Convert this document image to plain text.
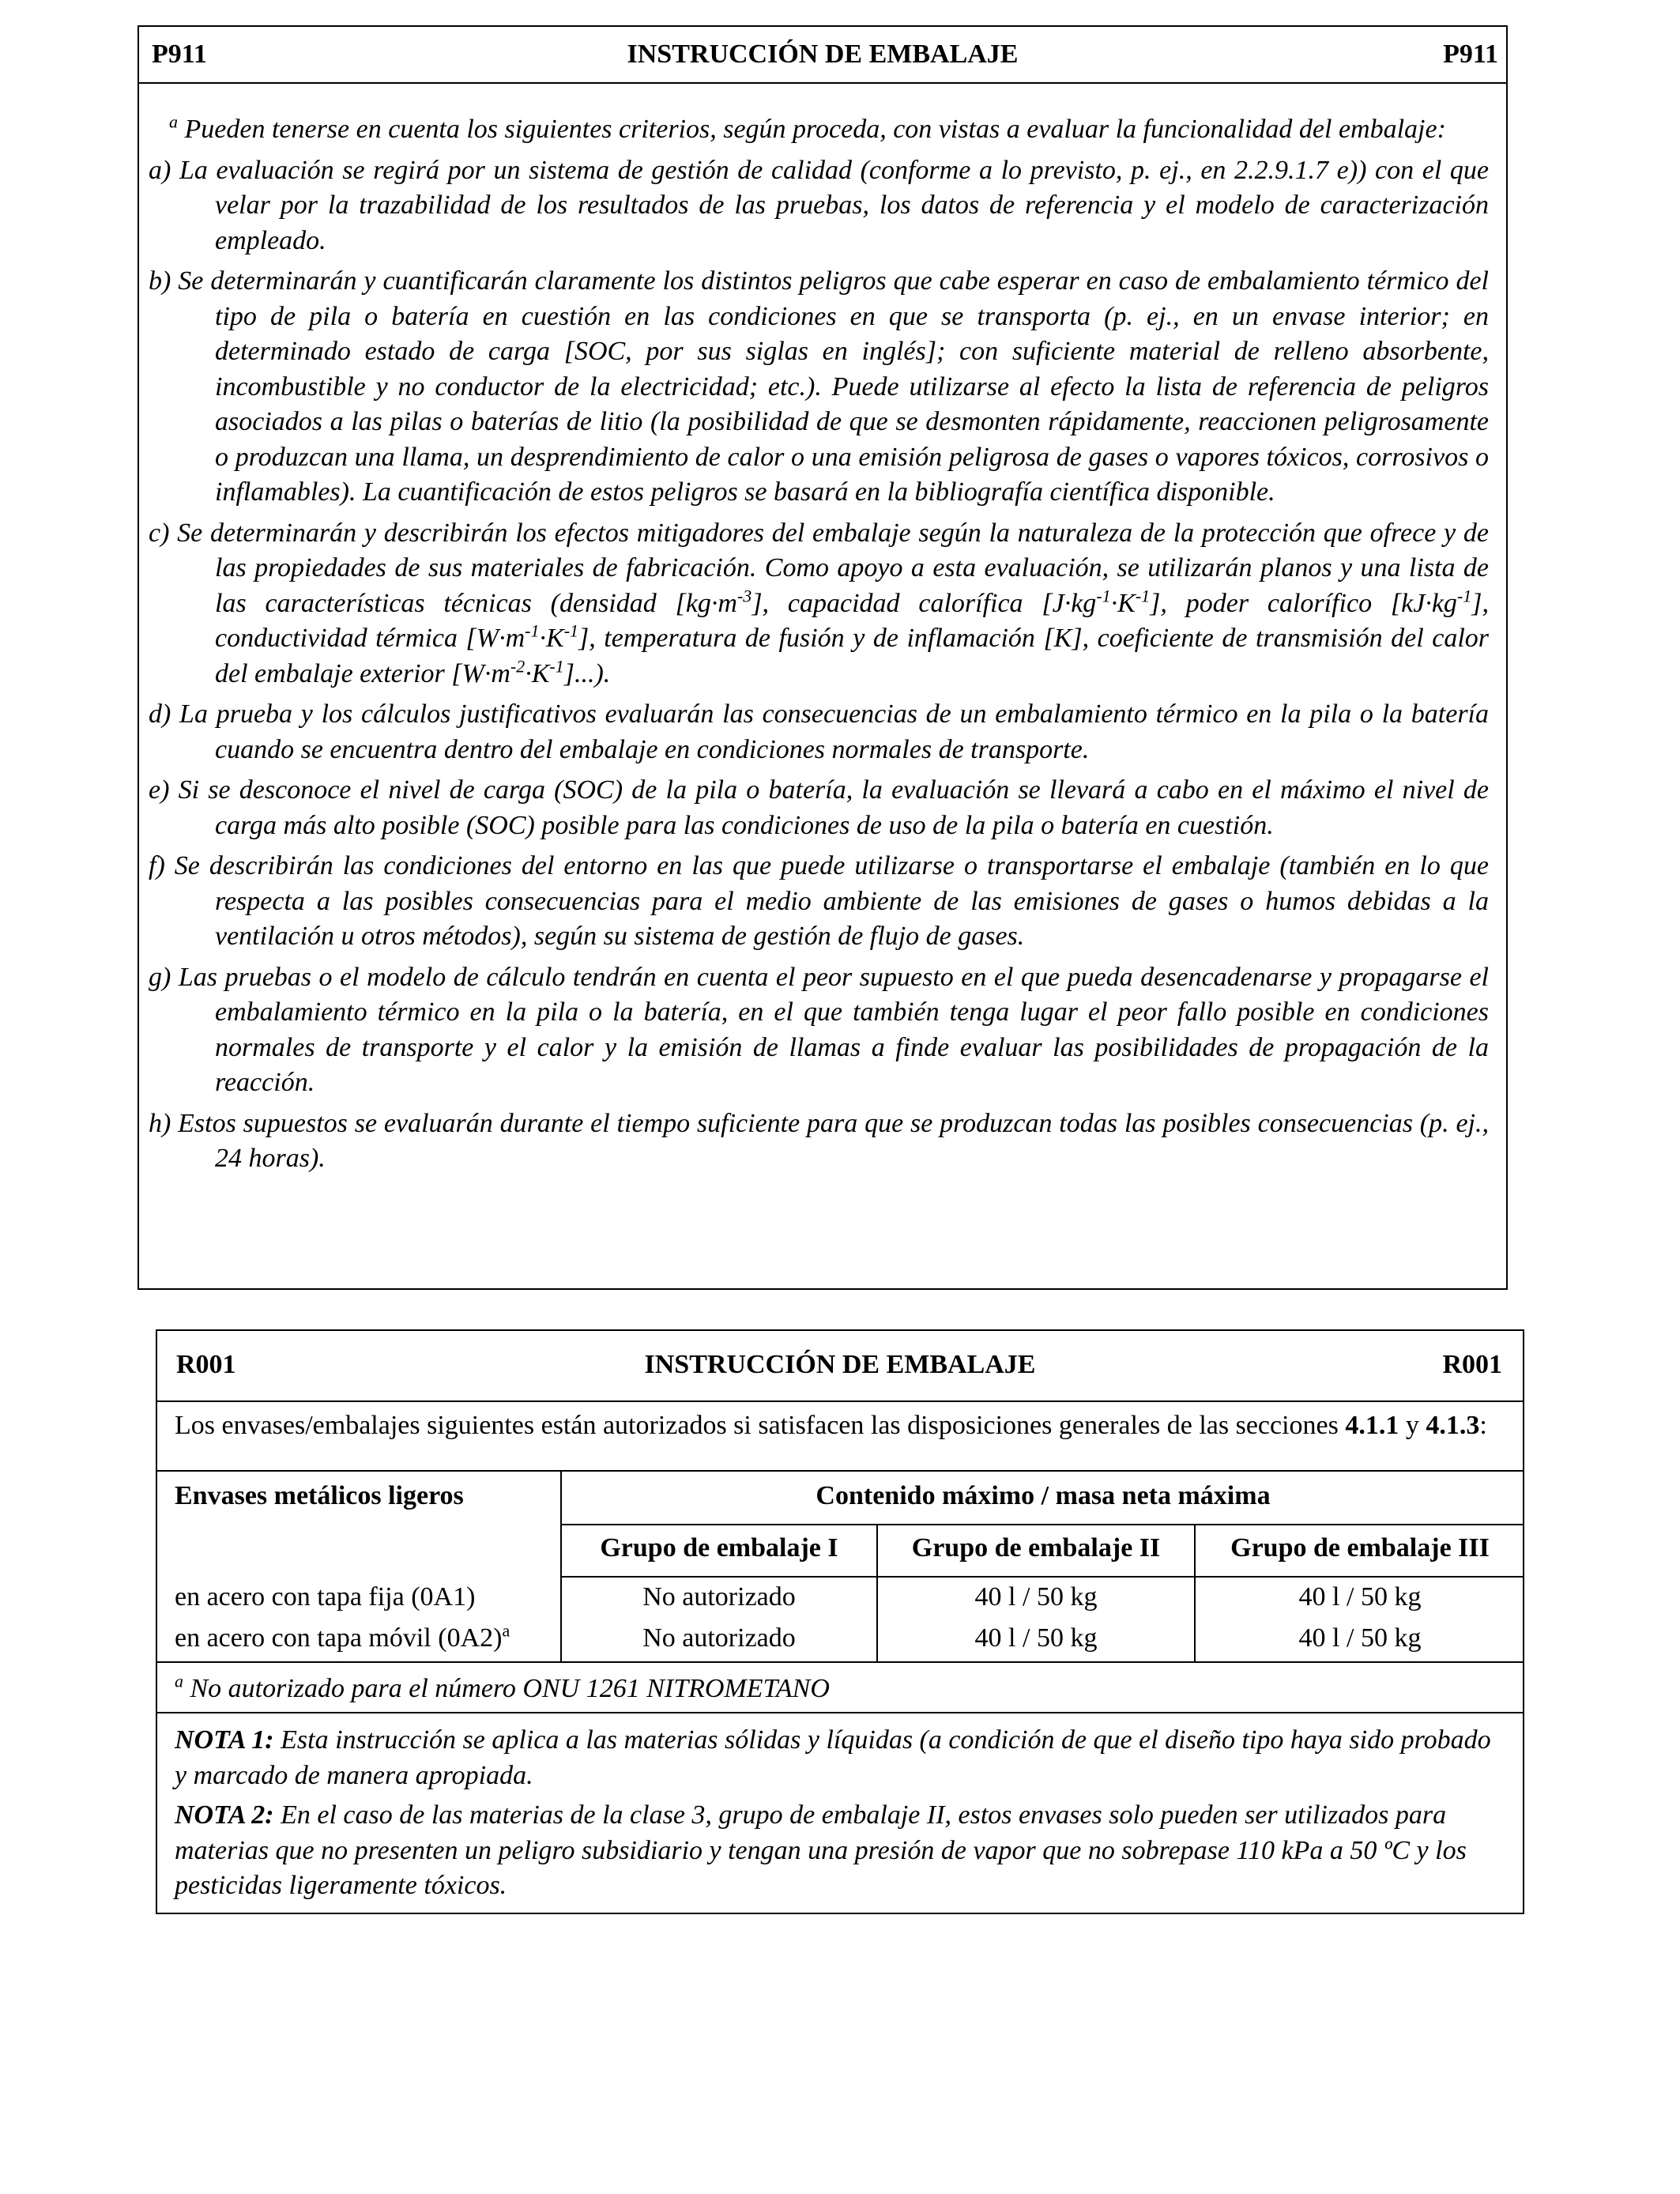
P911	INSTRUCCIÓN DE EMBALAJE	P911

$^a$ Pueden tenerse en cuenta los siguientes criterios, según proceda, con vistas a evaluar la funcionalidad del embalaje:

a) La evaluación se regirá por un sistema de gestión de calidad (conforme a lo previsto, p. ej., en 2.2.9.1.7 e)) con el que velar por la trazabilidad de los resultados de las pruebas, los datos de referencia y el modelo de caracterización empleado.

b) Se determinarán y cuantificarán claramente los distintos peligros que cabe esperar en caso de embalamiento térmico del tipo de pila o batería en cuestión en las condiciones en que se transporta (p. ej., en un envase interior; en determinado estado de carga [SOC, por sus siglas en inglés]; con suficiente material de relleno absorbente, incombustible y no conductor de la electricidad; etc.). Puede utilizarse al efecto la lista de referencia de peligros asociados a las pilas o baterías de litio (la posibilidad de que se desmonten rápidamente, reaccionen peligrosamente o produzcan una llama, un desprendimiento de calor o una emisión peligrosa de gases o vapores tóxicos, corrosivos o inflamables). La cuantificación de estos peligros se basará en la bibliografía científica disponible.

c) Se determinarán y describirán los efectos mitigadores del embalaje según la naturaleza de la protección que ofrece y de las propiedades de sus materiales de fabricación. Como apoyo a esta evaluación, se utilizarán planos y una lista de las características técnicas (densidad $[kg\cdot m^{-3}]$, capacidad calorífica $[J\cdot kg^{-1}\cdot K^{-1}]$, poder calorífico $[kJ\cdot kg^{-1}]$, conductividad térmica $[W\cdot m^{-1}\cdot K^{-1}]$, temperatura de fusión y de inflamación [K], coeficiente de transmisión del calor del embalaje exterior $[W\cdot m^{-2}\cdot K^{-1}]$...).

d) La prueba y los cálculos justificativos evaluarán las consecuencias de un embalamiento térmico en la pila o la batería cuando se encuentra dentro del embalaje en condiciones normales de transporte.

e) Si se desconoce el nivel de carga (SOC) de la pila o batería, la evaluación se llevará a cabo en el máximo el nivel de carga más alto posible (SOC) posible para las condiciones de uso de la pila o batería en cuestión.

f) Se describirán las condiciones del entorno en las que puede utilizarse o transportarse el embalaje (también en lo que respecta a las posibles consecuencias para el medio ambiente de las emisiones de gases o humos debidas a la ventilación u otros métodos), según su sistema de gestión de flujo de gases.

g) Las pruebas o el modelo de cálculo tendrán en cuenta el peor supuesto en el que pueda desencadenarse y propagarse el embalamiento térmico en la pila o la batería, en el que también tenga lugar el peor fallo posible en condiciones normales de transporte y el calor y la emisión de llamas a finde evaluar las posibilidades de propagación de la reacción.

h) Estos supuestos se evaluarán durante el tiempo suficiente para que se produzcan todas las posibles consecuencias (p. ej., 24 horas).

R001	INSTRUCCIÓN DE EMBALAJE	R001
Los envases/embalajes siguientes están autorizados si satisfacen las disposiciones generales de las secciones 4.1.1 y 4.1.3:
Envases metálicos ligeros	Contenido máximo / masa neta máxima
Grupo de embalaje I	Grupo de embalaje II	Grupo de embalaje III
en acero con tapa fija (0A1)	No autorizado	40 l / 50 kg	40 l / 50 kg
en acero con tapa móvil $(0A2)^a$	No autorizado	40 l / 50 kg	40 l / 50 kg
$^a$ No autorizado para el número ONU 1261 NITROMETANO

NOTA 1: Esta instrucción se aplica a las materias sólidas y líquidas (a condición de que el diseño tipo haya sido probado y marcado de manera apropiada.

NOTA 2: En el caso de las materias de la clase 3, grupo de embalaje II, estos envases solo pueden ser utilizados para materias que no presenten un peligro subsidiario y tengan una presión de vapor que no sobrepase 110 kPa a 50 ºC y los pesticidas ligeramente tóxicos.
